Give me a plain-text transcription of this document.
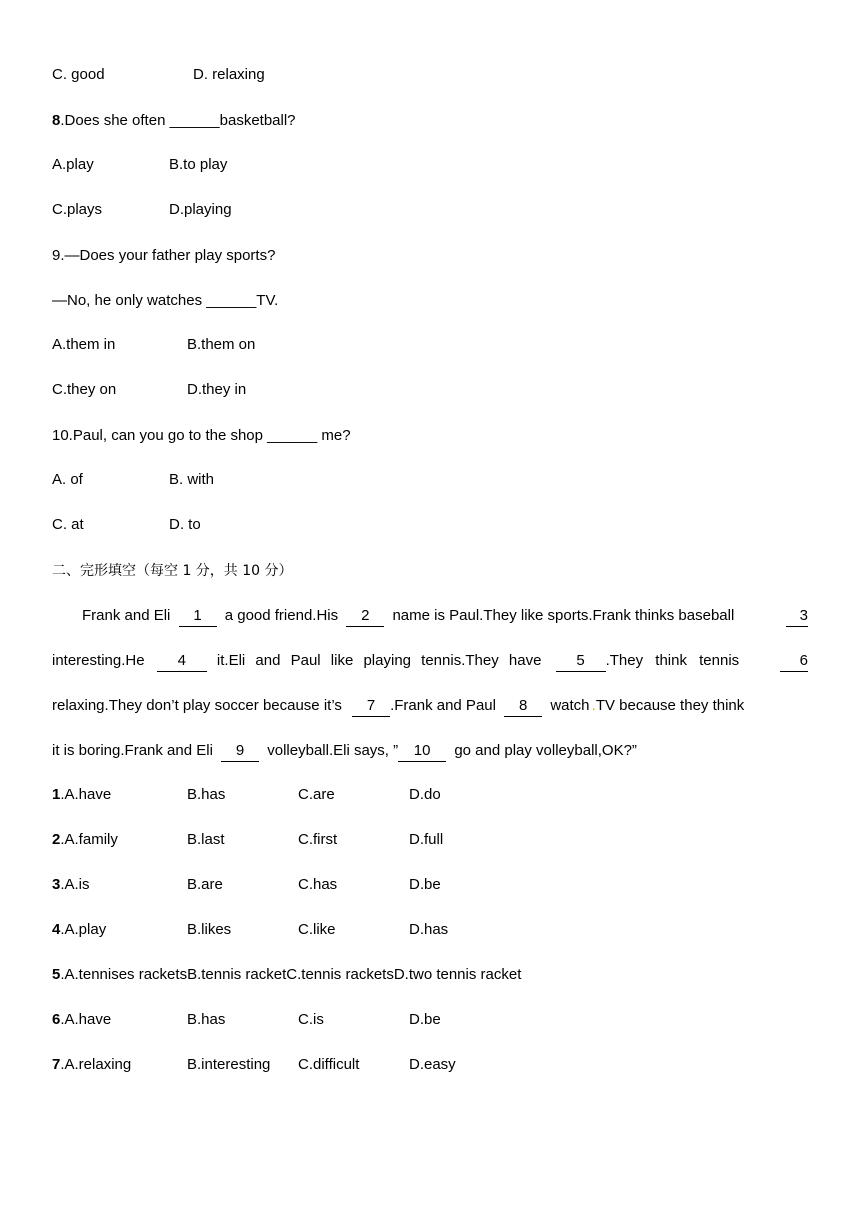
C. good	D. relaxing
8.Does she often ______basketball?
A.play	B.to play
C.plays	D.playing
9.—Does your father play sports?
—No, he only watches ______TV.
A.them in	B.them on
C.they on	D.they in
10.Paul, can you go to the shop ______ me?
A. of	B. with
C. at	D. to
二、完形填空（每空 1 分，共 10 分）
Frank and Eli 1 a good friend.His 2 name is Paul.They like sports.Frank thinks baseball	3
interesting.He 4 it.Eli and Paul like playing tennis.They have 5 .They think tennis	6
relaxing.They don’t play soccer because it’s 7 .Frank and Paul 8 watch .TV because they think
it is boring.Frank and Eli 9 volleyball.Eli says, ” 10 go and play volleyball,OK?”
1.A.have	B.has	C.are	D.do
2.A.family	B.last	C.first	D.full
3.A.is	B.are	C.has	D.be
4.A.play	B.likes	C.like	D.has
5.A.tennises racketsB.tennis racketC.tennis racketsD.two tennis racket
6.A.have	B.has	C.is	D.be
7.A.relaxing	B.interesting C.difficult	D.easy
